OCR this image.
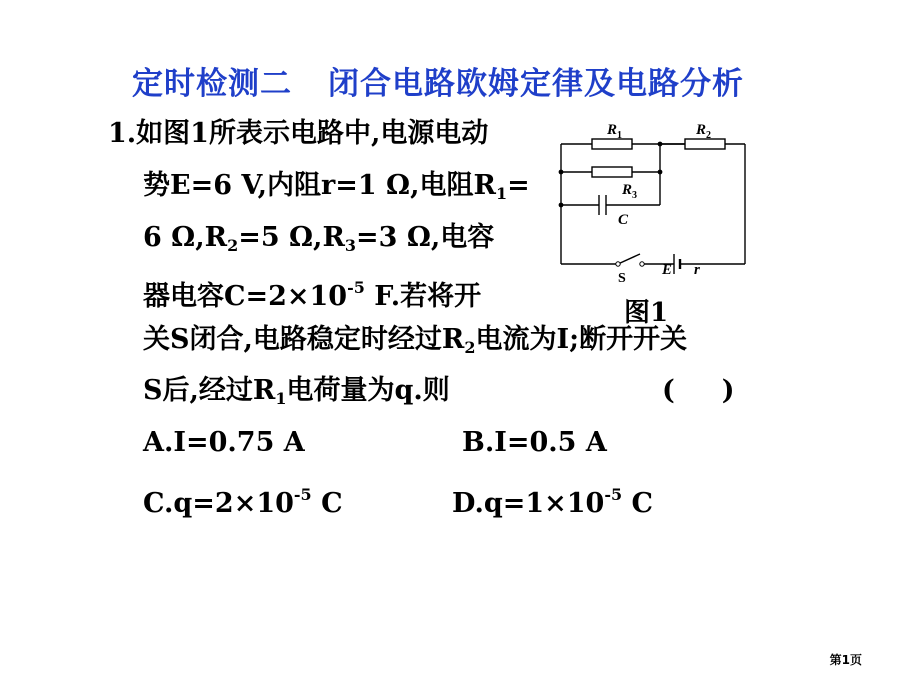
定时检测二 闭合电路欧姆定律及电路分析
1.如图1所表示电路中,电源电动
势E=6 V,内阻r=1 Ω,电阻$R_1=$
6 $\Omega,R_2=5$ $\Omega,R_3=3$ Ω,电容
器电容$C=2\times 10^{-5}$ F.若将开
关S闭合,电路稳定时经过$R_2$电流为I;断开开关
S后,经过$R_1$电荷量为q.则	(     )
A.I=0.75 A	B.I=0.5 A
$C.q=2\times 10^{-5}$ C	$D.q=1\times 10^{-5}$ C
$R_1$	$R_2$
$R_3$
C
S
E r
图1
第1页
